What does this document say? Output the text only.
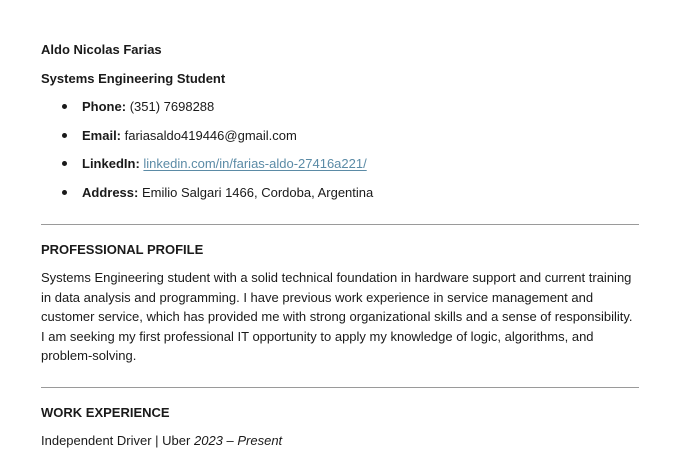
Aldo Nicolas Farias
Systems Engineering Student
Phone: (351) 7698288
Email: fariasaldo419446@gmail.com
LinkedIn: linkedin.com/in/farias-aldo-27416a221/
Address: Emilio Salgari 1466, Cordoba, Argentina
PROFESSIONAL PROFILE

Systems Engineering student with a solid technical foundation in hardware support and current training in data analysis and programming. I have previous work experience in service management and customer service, which has provided me with strong organizational skills and a sense of responsibility. I am seeking my first professional IT opportunity to apply my knowledge of logic, algorithms, and problem-solving.

WORK EXPERIENCE
Independent Driver | Uber 2023 – Present
